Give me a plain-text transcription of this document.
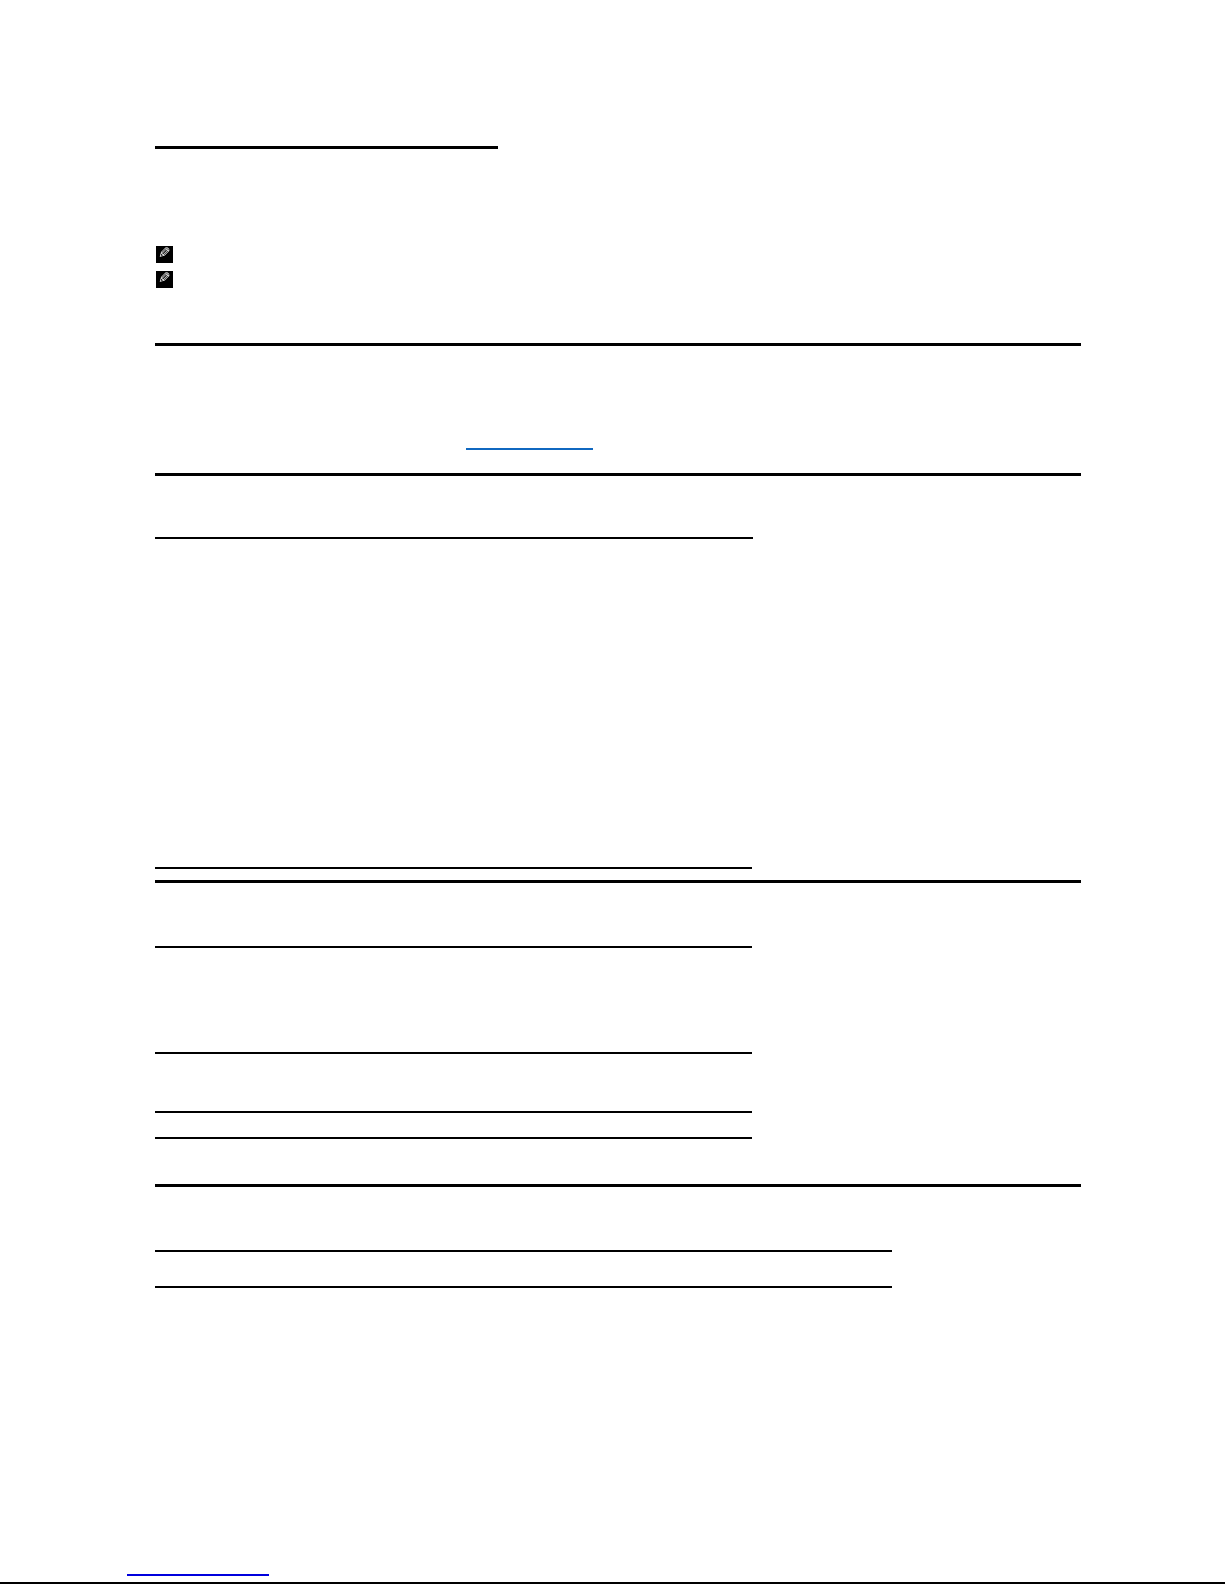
✎
✎
